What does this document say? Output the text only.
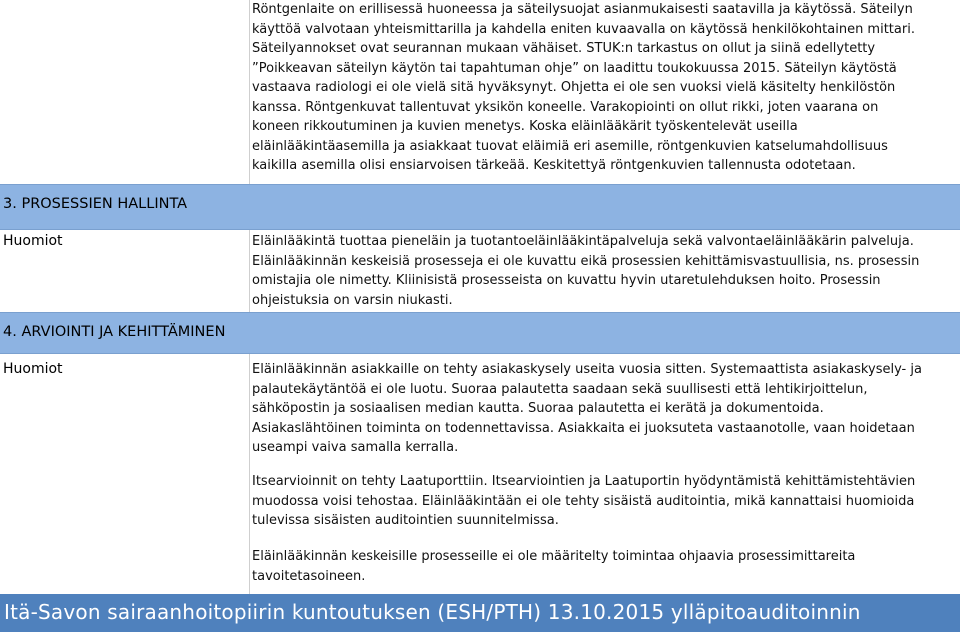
Röntgenlaite on erillisessä huoneessa ja säteilysuojat asianmukaisesti saatavilla ja käytössä. Säteilyn

käyttöä valvotaan yhteismittarilla ja kahdella eniten kuvaavalla on käytössä henkilökohtainen mittari.

Säteilyannokset ovat seurannan mukaan vähäiset. STUK:n tarkastus on ollut ja siinä edellytetty

”Poikkeavan säteilyn käytön tai tapahtuman ohje” on laadittu toukokuussa 2015. Säteilyn käytöstä

vastaava radiologi ei ole vielä sitä hyväksynyt. Ohjetta ei ole sen vuoksi vielä käsitelty henkilöstön

kanssa. Röntgenkuvat tallentuvat yksikön koneelle. Varakopiointi on ollut rikki, joten vaarana on

koneen rikkoutuminen ja kuvien menetys. Koska eläinlääkärit työskentelevät useilla

eläinlääkintäasemilla ja asiakkaat tuovat eläimiä eri asemille, röntgenkuvien katselumahdollisuus

kaikilla asemilla olisi ensiarvoisen tärkeää. Keskitettyä röntgenkuvien tallennusta odotetaan.

3. PROSESSIEN HALLINTA
Huomiot	Eläinlääkintä tuottaa pieneläin ja tuotantoeläinlääkintäpalveluja sekä valvontaeläinlääkärin palveluja.

Eläinlääkinnän keskeisiä prosesseja ei ole kuvattu eikä prosessien kehittämisvastuullisia, ns. prosessin

omistajia ole nimetty. Kliinisistä prosesseista on kuvattu hyvin utaretulehduksen hoito. Prosessin

ohjeistuksia on varsin niukasti.

4. ARVIOINTI JA KEHITTÄMINEN
Huomiot	Eläinlääkinnän asiakkaille on tehty asiakaskysely useita vuosia sitten. Systemaattista asiakaskysely- ja

palautekäytäntöä ei ole luotu. Suoraa palautetta saadaan sekä suullisesti että lehtikirjoittelun,

sähköpostin ja sosiaalisen median kautta. Suoraa palautetta ei kerätä ja dokumentoida.

Asiakaslähtöinen toiminta on todennettavissa. Asiakkaita ei juoksuteta vastaanotolle, vaan hoidetaan

useampi vaiva samalla kerralla.

Itsearvioinnit on tehty Laatuporttiin. Itsearviointien ja Laatuportin hyödyntämistä kehittämistehtävien

muodossa voisi tehostaa. Eläinlääkintään ei ole tehty sisäistä auditointia, mikä kannattaisi huomioida

tulevissa sisäisten auditointien suunnitelmissa.

Eläinlääkinnän keskeisille prosesseille ei ole määritelty toimintaa ohjaavia prosessimittareita

tavoitetasoineen.

Itä-Savon sairaanhoitopiirin kuntoutuksen (ESH/PTH) 13.10.2015 ylläpitoauditoinnin
